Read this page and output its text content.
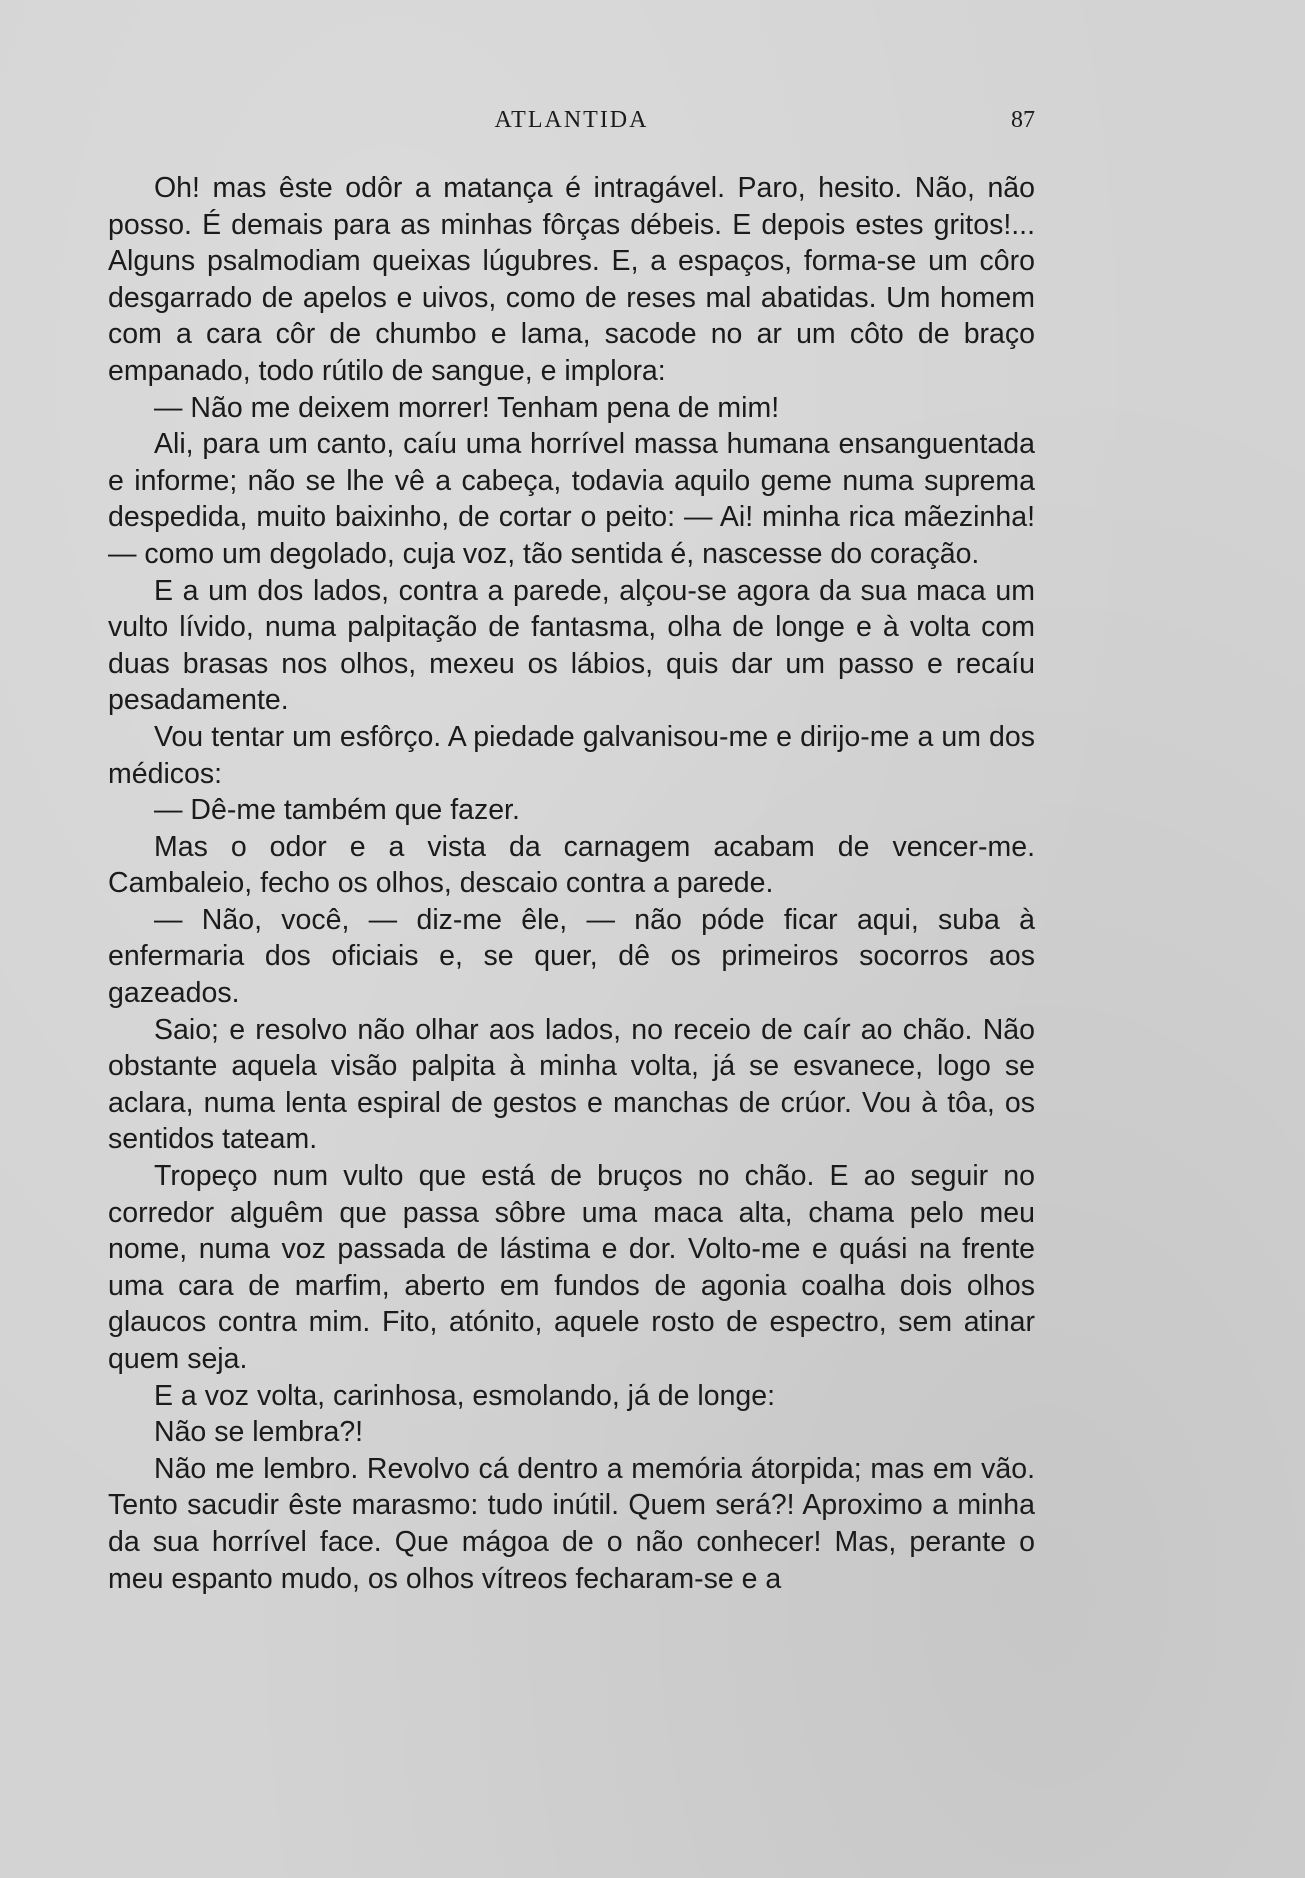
ATLANTIDA	87

Oh! mas êste odôr a matança é intragável. Paro, hesito. Não, não posso. É demais para as minhas fôrças débeis. E depois estes gritos!... Alguns psalmodiam queixas lúgubres. E, a espaços, forma-se um côro desgarrado de apelos e uivos, como de reses mal abatidas. Um homem com a cara côr de chumbo e lama, sacode no ar um côto de braço empanado, todo rútilo de sangue, e implora:

— Não me deixem morrer! Tenham pena de mim!

Ali, para um canto, caíu uma horrível massa humana ensanguentada e informe; não se lhe vê a cabeça, todavia aquilo geme numa suprema despedida, muito baixinho, de cortar o peito: — Ai! minha rica mãezinha! — como um degolado, cuja voz, tão sentida é, nascesse do coração.

E a um dos lados, contra a parede, alçou-se agora da sua maca um vulto lívido, numa palpitação de fantasma, olha de longe e à volta com duas brasas nos olhos, mexeu os lábios, quis dar um passo e recaíu pesadamente.

Vou tentar um esfôrço. A piedade galvanisou-me e dirijo-me a um dos médicos:

— Dê-me também que fazer.

Mas o odor e a vista da carnagem acabam de vencer-me. Cambaleio, fecho os olhos, descaio contra a parede.

— Não, você, — diz-me êle, — não póde ficar aqui, suba à enfermaria dos oficiais e, se quer, dê os primeiros socorros aos gazeados.

Saio; e resolvo não olhar aos lados, no receio de caír ao chão. Não obstante aquela visão palpita à minha volta, já se esvanece, logo se aclara, numa lenta espiral de gestos e manchas de crúor. Vou à tôa, os sentidos tateam.

Tropeço num vulto que está de bruços no chão. E ao seguir no corredor alguêm que passa sôbre uma maca alta, chama pelo meu nome, numa voz passada de lástima e dor. Volto-me e quási na frente uma cara de marfim, aberto em fundos de agonia coalha dois olhos glaucos contra mim. Fito, atónito, aquele rosto de espectro, sem atinar quem seja.

E a voz volta, carinhosa, esmolando, já de longe:

Não se lembra?!

Não me lembro. Revolvo cá dentro a memória átorpida; mas em vão. Tento sacudir êste marasmo: tudo inútil. Quem será?! Aproximo a minha da sua horrível face. Que mágoa de o não conhecer! Mas, perante o meu espanto mudo, os olhos vítreos fecharam-se e a
